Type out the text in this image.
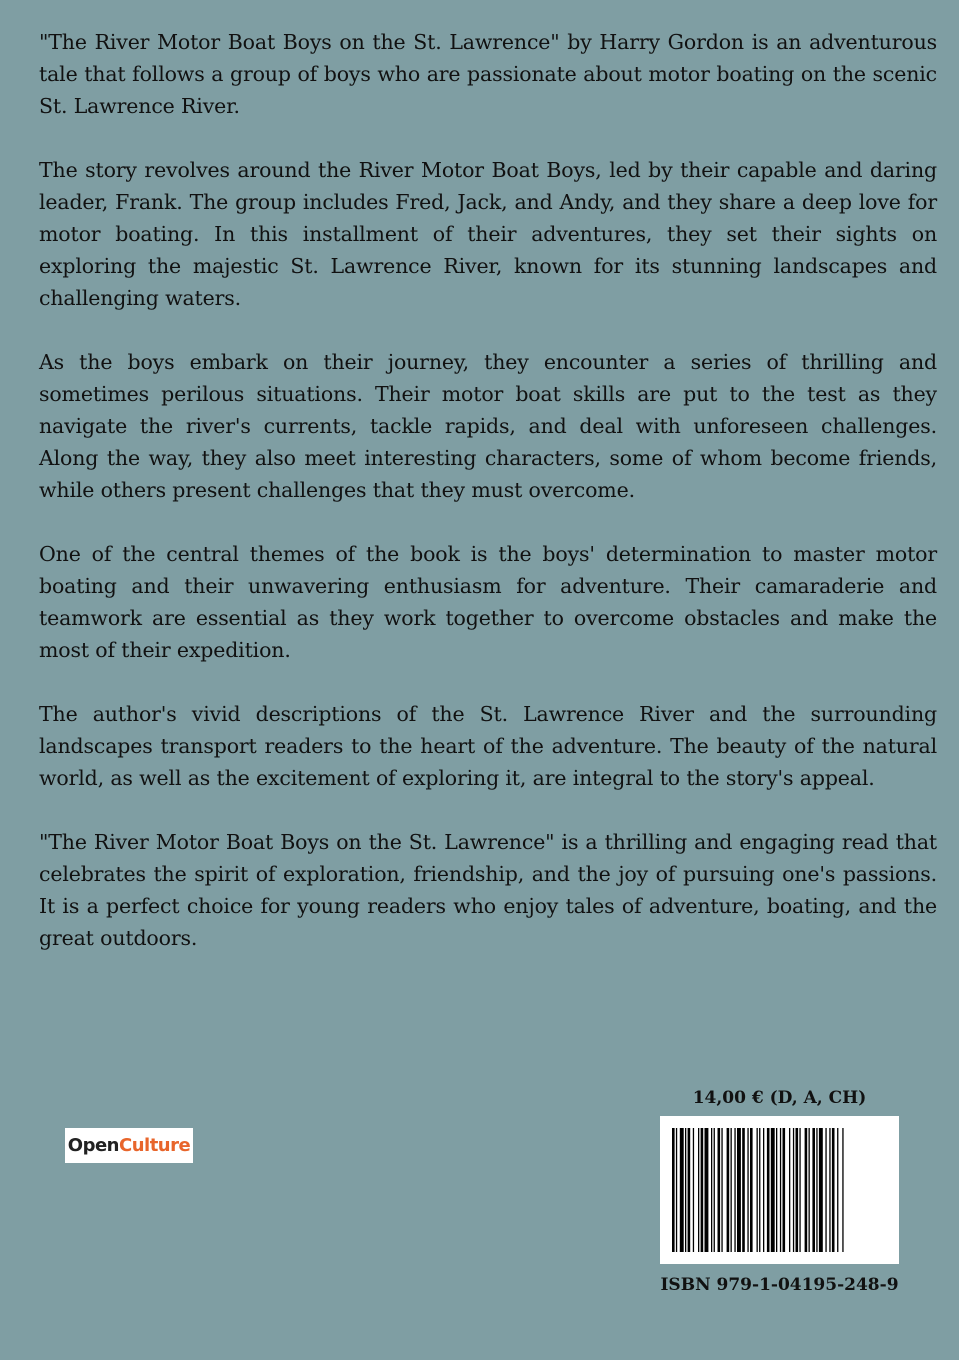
"The River Motor Boat Boys on the St. Lawrence" by Harry Gordon is an adventurous tale that follows a group of boys who are passionate about motor boating on the scenic St. Lawrence River.

The story revolves around the River Motor Boat Boys, led by their capable and daring leader, Frank. The group includes Fred, Jack, and Andy, and they share a deep love for motor boating. In this installment of their adventures, they set their sights on exploring the majestic St. Lawrence River, known for its stunning landscapes and challenging waters.

As the boys embark on their journey, they encounter a series of thrilling and sometimes perilous situations. Their motor boat skills are put to the test as they navigate the river's currents, tackle rapids, and deal with unforeseen challenges. Along the way, they also meet interesting characters, some of whom become friends, while others present challenges that they must overcome.

One of the central themes of the book is the boys' determination to master motor boating and their unwavering enthusiasm for adventure. Their camaraderie and teamwork are essential as they work together to overcome obstacles and make the most of their expedition.

The author's vivid descriptions of the St. Lawrence River and the surrounding landscapes transport readers to the heart of the adventure. The beauty of the natural world, as well as the excitement of exploring it, are integral to the story's appeal.

"The River Motor Boat Boys on the St. Lawrence" is a thrilling and engaging read that celebrates the spirit of exploration, friendship, and the joy of pursuing one's passions. It is a perfect choice for young readers who enjoy tales of adventure, boating, and the great outdoors.

Open Culture
14,00 € (D, A, CH)
ISBN 979-1-04195-248-9
